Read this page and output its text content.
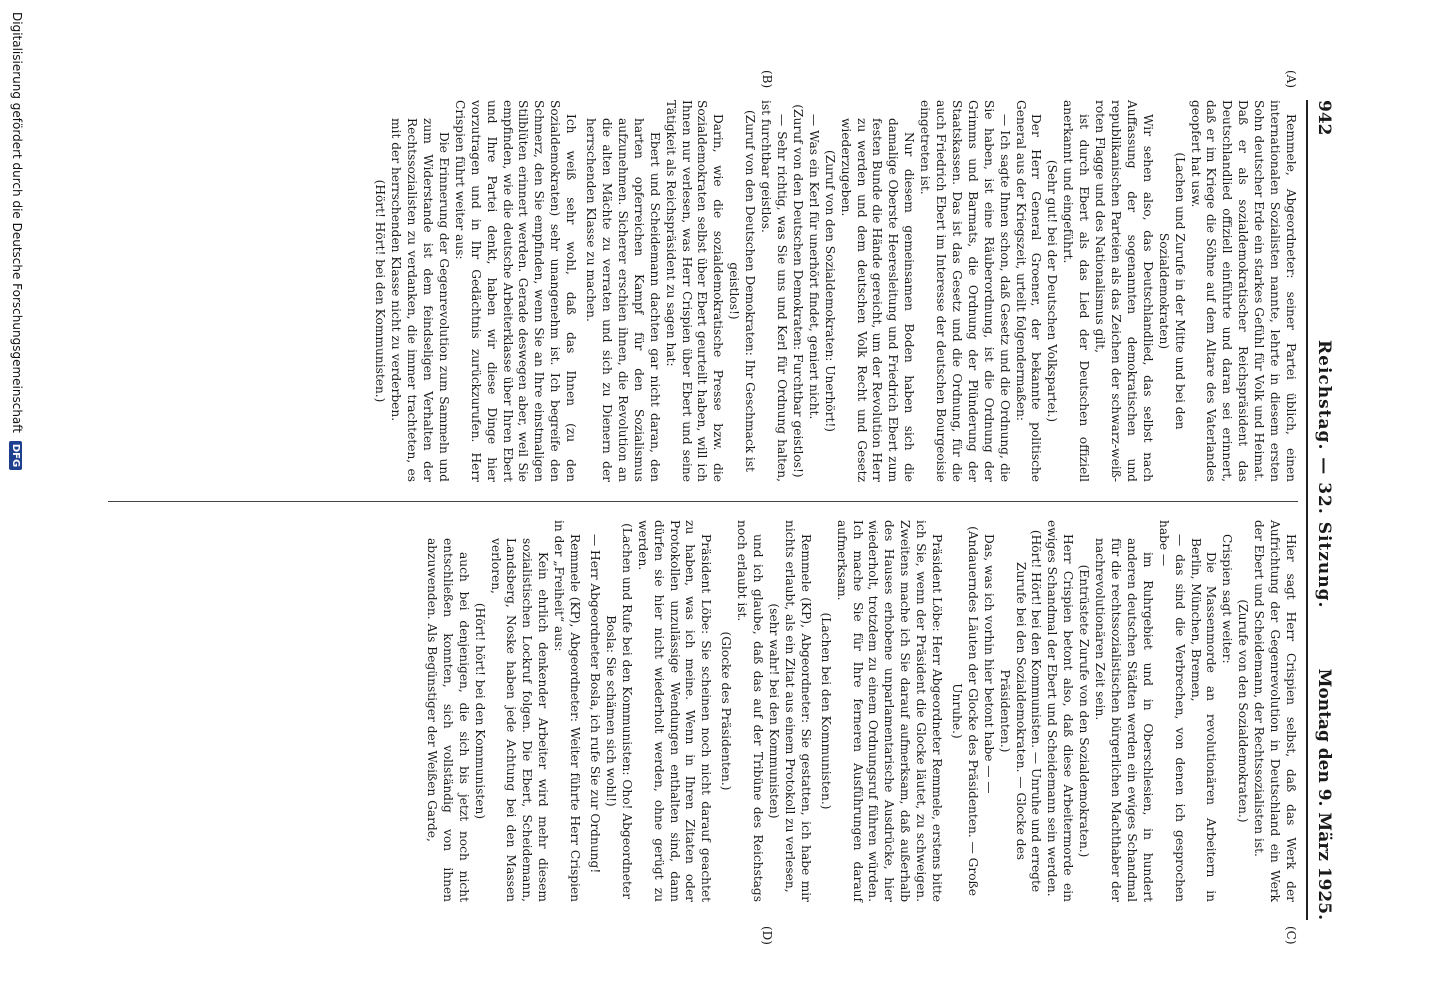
942
Reichstag. — 32. Sitzung.
Montag den 9. März 1925.
(A)
(B)
(C)
(D)

Remmele, Abgeordneter: seiner Partei üblich, einen internationalen Sozialisten nannte, lehrte in diesem ersten Sohn deutscher Erde ein starkes Gefühl für Volk und Heimat. Daß er als sozialdemokratischer Reichspräsident das Deutschlandlied offiziell einführte und daran sei erinnert, daß er im Kriege die Söhne auf dem Altare des Vaterlandes geopfert hat usw.

(Lachen und Zurufe in der Mitte und bei den Sozialdemokraten)

Wir sehen also, das Deutschlandlied, das selbst nach Auffassung der sogenannten demokratischen und republikanischen Parteien als das Zeichen der schwarz-weiß-roten Flagge und des Nationalismus gilt,

ist durch Ebert als das Lied der Deutschen offiziell anerkannt und eingeführt.

(Sehr gut! bei der Deutschen Volkspartei.)

Der Herr General Groener, der bekannte politische General aus der Kriegszeit, urteilt folgendermaßen:

— Ich sagte Ihnen schon, daß Gesetz und die Ordnung, die Sie haben, ist eine Räuberordnung, ist die Ordnung der Grimms und Barmats, die Ordnung der Plünderung der Staatskassen. Das ist das Gesetz und die Ordnung, für die auch Friedrich Ebert im Interesse der deutschen Bourgeoisie eingetreten ist.

Nur diesem gemeinsamen Boden haben sich die damalige Oberste Heeresleitung und Friedrich Ebert zum festen Bunde die Hände gereicht, um der Revolution Herr zu werden und dem deutschen Volk Recht und Gesetz wiederzugeben.

(Zuruf von den Sozialdemokraten: Unerhört!)

— Was ein Kerl für unerhört findet, geniert nicht.

(Zuruf von den Deutschen Demokraten: Furchtbar geistlos!)

— Sehr richtig, was Sie uns und Kerl für Ordnung halten, ist furchtbar geistlos.

(Zuruf von den Deutschen Demokraten: Ihr Geschmack ist geistlos!)

Darin, wie die sozialdemokratische Presse bzw. die Sozialdemokraten selbst über Ebert geurteilt haben, will ich Ihnen nur verlesen, was Herr Crispien über Ebert und seine Tätigkeit als Reichspräsident zu sagen hat:

Ebert und Scheidemann dachten gar nicht daran, den harten opferreichen Kampf für den Sozialismus aufzunehmen. Sicherer erschien ihnen, die Revolution an die alten Mächte zu verraten und sich zu Dienern der herrschenden Klasse zu machen.

Ich weiß sehr wohl, daß das Ihnen (zu den Sozialdemokraten) sehr unangenehm ist. Ich begreife den Schmerz, den Sie empfinden, wenn Sie an Ihre einstmaligen Stilblüten erinnert werden. Gerade deswegen aber, weil Sie empfinden, wie die deutsche Arbeiterklasse über Ihren Ebert und Ihre Partei denkt, haben wir diese Dinge hier vorzutragen und in Ihr Gedächtnis zurückzurufen. Herr Crispien führt weiter aus:

Die Erinnerung der Gegenrevolution zum Sammeln und zum Widerstande ist dem feindseligen Verhalten der Rechtssozialisten zu verdanken, die immer trachteten, es mit der herrschenden Klasse nicht zu verderben.

(Hört! Hört! bei den Kommunisten.)

Hier sagt Herr Crispien selbst, daß das Werk der Aufrichtung der Gegenrevolution in Deutschland ein Werk der Ebert und Scheidemann, der Rechtssozialisten ist.

(Zurufe von den Sozialdemokraten.)

Crispien sagt weiter:

Die Massenmorde an revolutionären Arbeitern in Berlin, München, Bremen,

— das sind die Verbrechen, von denen ich gesprochen habe —

im Ruhrgebiet und in Oberschlesien, in hundert anderen deutschen Städten werden ein ewiges Schandmal für die rechtssozialistischen bürgerlichen Machthaber der nachrevolutionären Zeit sein.

(Entrüstete Zurufe von den Sozialdemokraten.)

Herr Crispien betont also, daß diese Arbeitermorde ein ewiges Schandmal der Ebert und Scheidemann sein werden.

(Hört! Hört! bei den Kommunisten. — Unruhe und erregte Zurufe bei den Sozialdemokraten. — Glocke des Präsidenten.)

Das, was ich vorhin hier betont habe — —

(Andauerndes Läuten der Glocke des Präsidenten. — Große Unruhe.)

Präsident Löbe: Herr Abgeordneter Remmele, erstens bitte ich Sie, wenn der Präsident die Glocke läutet, zu schweigen. Zweitens mache ich Sie darauf aufmerksam, daß außerhalb des Hauses erhobene unparlamentarische Ausdrücke, hier wiederholt, trotzdem zu einem Ordnungsruf führen würden. Ich mache Sie für Ihre ferneren Ausführungen darauf aufmerksam.

(Lachen bei den Kommunisten.)

Remmele (KP), Abgeordneter: Sie gestatten, ich habe mir nichts erlaubt, als ein Zitat aus einem Protokoll zu verlesen,

(sehr wahr! bei den Kommunisten)

und ich glaube, daß das auf der Tribüne des Reichstags noch erlaubt ist.

(Glocke des Präsidenten.)

Präsident Löbe: Sie scheinen noch nicht darauf geachtet zu haben, was ich meine. Wenn in Ihren Zitaten oder Protokollen unzulässige Wendungen enthalten sind, dann dürfen sie hier nicht wiederholt werden, ohne gerügt zu werden.

(Lachen und Rufe bei den Kommunisten: Oho! Abgeordneter Bosla: Sie schämen sich wohl!)

— Herr Abgeordneter Bosla, ich rufe Sie zur Ordnung!

Remmele (KP), Abgeordneter: Weiter führte Herr Crispien in der „Freiheit“ aus:

Kein ehrlich denkender Arbeiter wird mehr diesem sozialistischen Lockruf folgen. Die Ebert, Scheidemann, Landsberg, Noske haben jede Achtung bei den Massen verloren,

(Hört! hört! bei den Kommunisten)

auch bei denjenigen, die sich bis jetzt noch nicht entschließen konnten, sich vollständig von ihnen abzuwenden. Als Begünstiger der Weißen Garde,

Digitalisierung gefördert durch die Deutsche Forschungsgemeinschaft DFG
